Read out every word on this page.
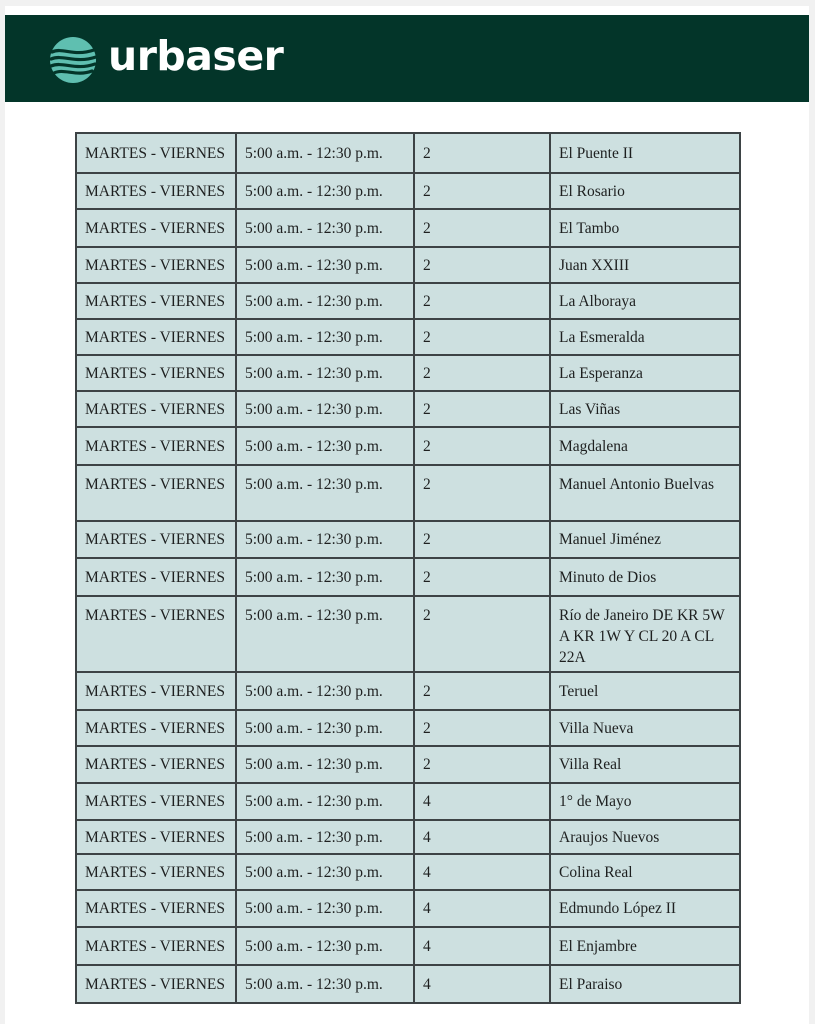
urbaser
MARTES - VIERNES	5:00 a.m. - 12:30 p.m.	2	El Puente II
MARTES - VIERNES	5:00 a.m. - 12:30 p.m.	2	El Rosario
MARTES - VIERNES	5:00 a.m. - 12:30 p.m.	2	El Tambo
MARTES - VIERNES	5:00 a.m. - 12:30 p.m.	2	Juan XXIII
MARTES - VIERNES	5:00 a.m. - 12:30 p.m.	2	La Alboraya
MARTES - VIERNES	5:00 a.m. - 12:30 p.m.	2	La Esmeralda
MARTES - VIERNES	5:00 a.m. - 12:30 p.m.	2	La Esperanza
MARTES - VIERNES	5:00 a.m. - 12:30 p.m.	2	Las Viñas
MARTES - VIERNES	5:00 a.m. - 12:30 p.m.	2	Magdalena
MARTES - VIERNES	5:00 a.m. - 12:30 p.m.	2	Manuel Antonio Buelvas
MARTES - VIERNES	5:00 a.m. - 12:30 p.m.	2	Manuel Jiménez
MARTES - VIERNES	5:00 a.m. - 12:30 p.m.	2	Minuto de Dios
MARTES - VIERNES	5:00 a.m. - 12:30 p.m.	2	Río de Janeiro DE KR 5W A KR 1W Y CL 20 A CL 22A
MARTES - VIERNES	5:00 a.m. - 12:30 p.m.	2	Teruel
MARTES - VIERNES	5:00 a.m. - 12:30 p.m.	2	Villa Nueva
MARTES - VIERNES	5:00 a.m. - 12:30 p.m.	2	Villa Real
MARTES - VIERNES	5:00 a.m. - 12:30 p.m.	4	1° de Mayo
MARTES - VIERNES	5:00 a.m. - 12:30 p.m.	4	Araujos Nuevos
MARTES - VIERNES	5:00 a.m. - 12:30 p.m.	4	Colina Real
MARTES - VIERNES	5:00 a.m. - 12:30 p.m.	4	Edmundo López II
MARTES - VIERNES	5:00 a.m. - 12:30 p.m.	4	El Enjambre
MARTES - VIERNES	5:00 a.m. - 12:30 p.m.	4	El Paraiso
